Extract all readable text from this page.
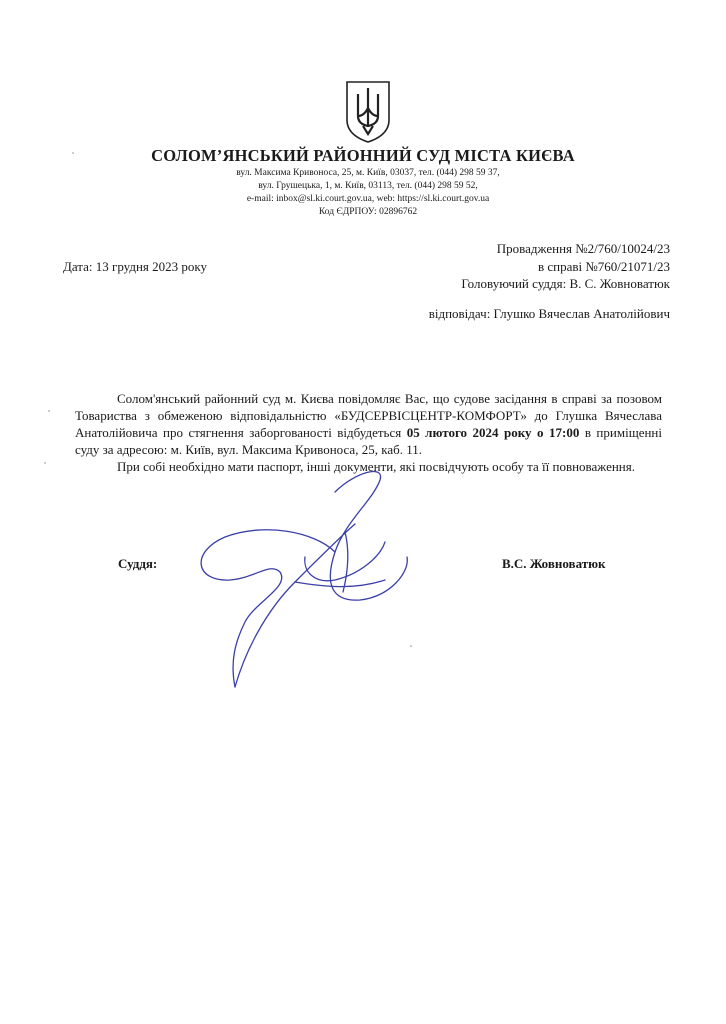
СОЛОМ’ЯНСЬКИЙ РАЙОННИЙ СУД МІСТА КИЄВА
вул. Максима Кривоноса, 25, м. Київ, 03037, тел. (044) 298 59 37,
вул. Грушецька, 1, м. Київ, 03113, тел. (044) 298 59 52,
e-mail: inbox@sl.ki.court.gov.ua, web: https://sl.ki.court.gov.ua
Код ЄДРПОУ: 02896762
Дата: 13 грудня 2023 року
Провадження №2/760/10024/23
в справі №760/21071/23
Головуючий суддя: В. С. Жовноватюк
відповідач: Глушко Вячеслав Анатолійович

Солом'янський районний суд м. Києва повідомляє Вас, що судове засідання в справі за позовом Товариства з обмеженою відповідальністю «БУДСЕРВІСЦЕНТР-КОМФОРТ» до Глушка Вячеслава Анатолійовича про стягнення заборгованості відбудеться 05 лютого 2024 року о 17:00 в приміщенні суду за адресою: м. Київ, вул. Максима Кривоноса, 25, каб. 11.

При собі необхідно мати паспорт, інші документи, які посвідчують особу та її повноваження.

Суддя:	В.С. Жовноватюк
